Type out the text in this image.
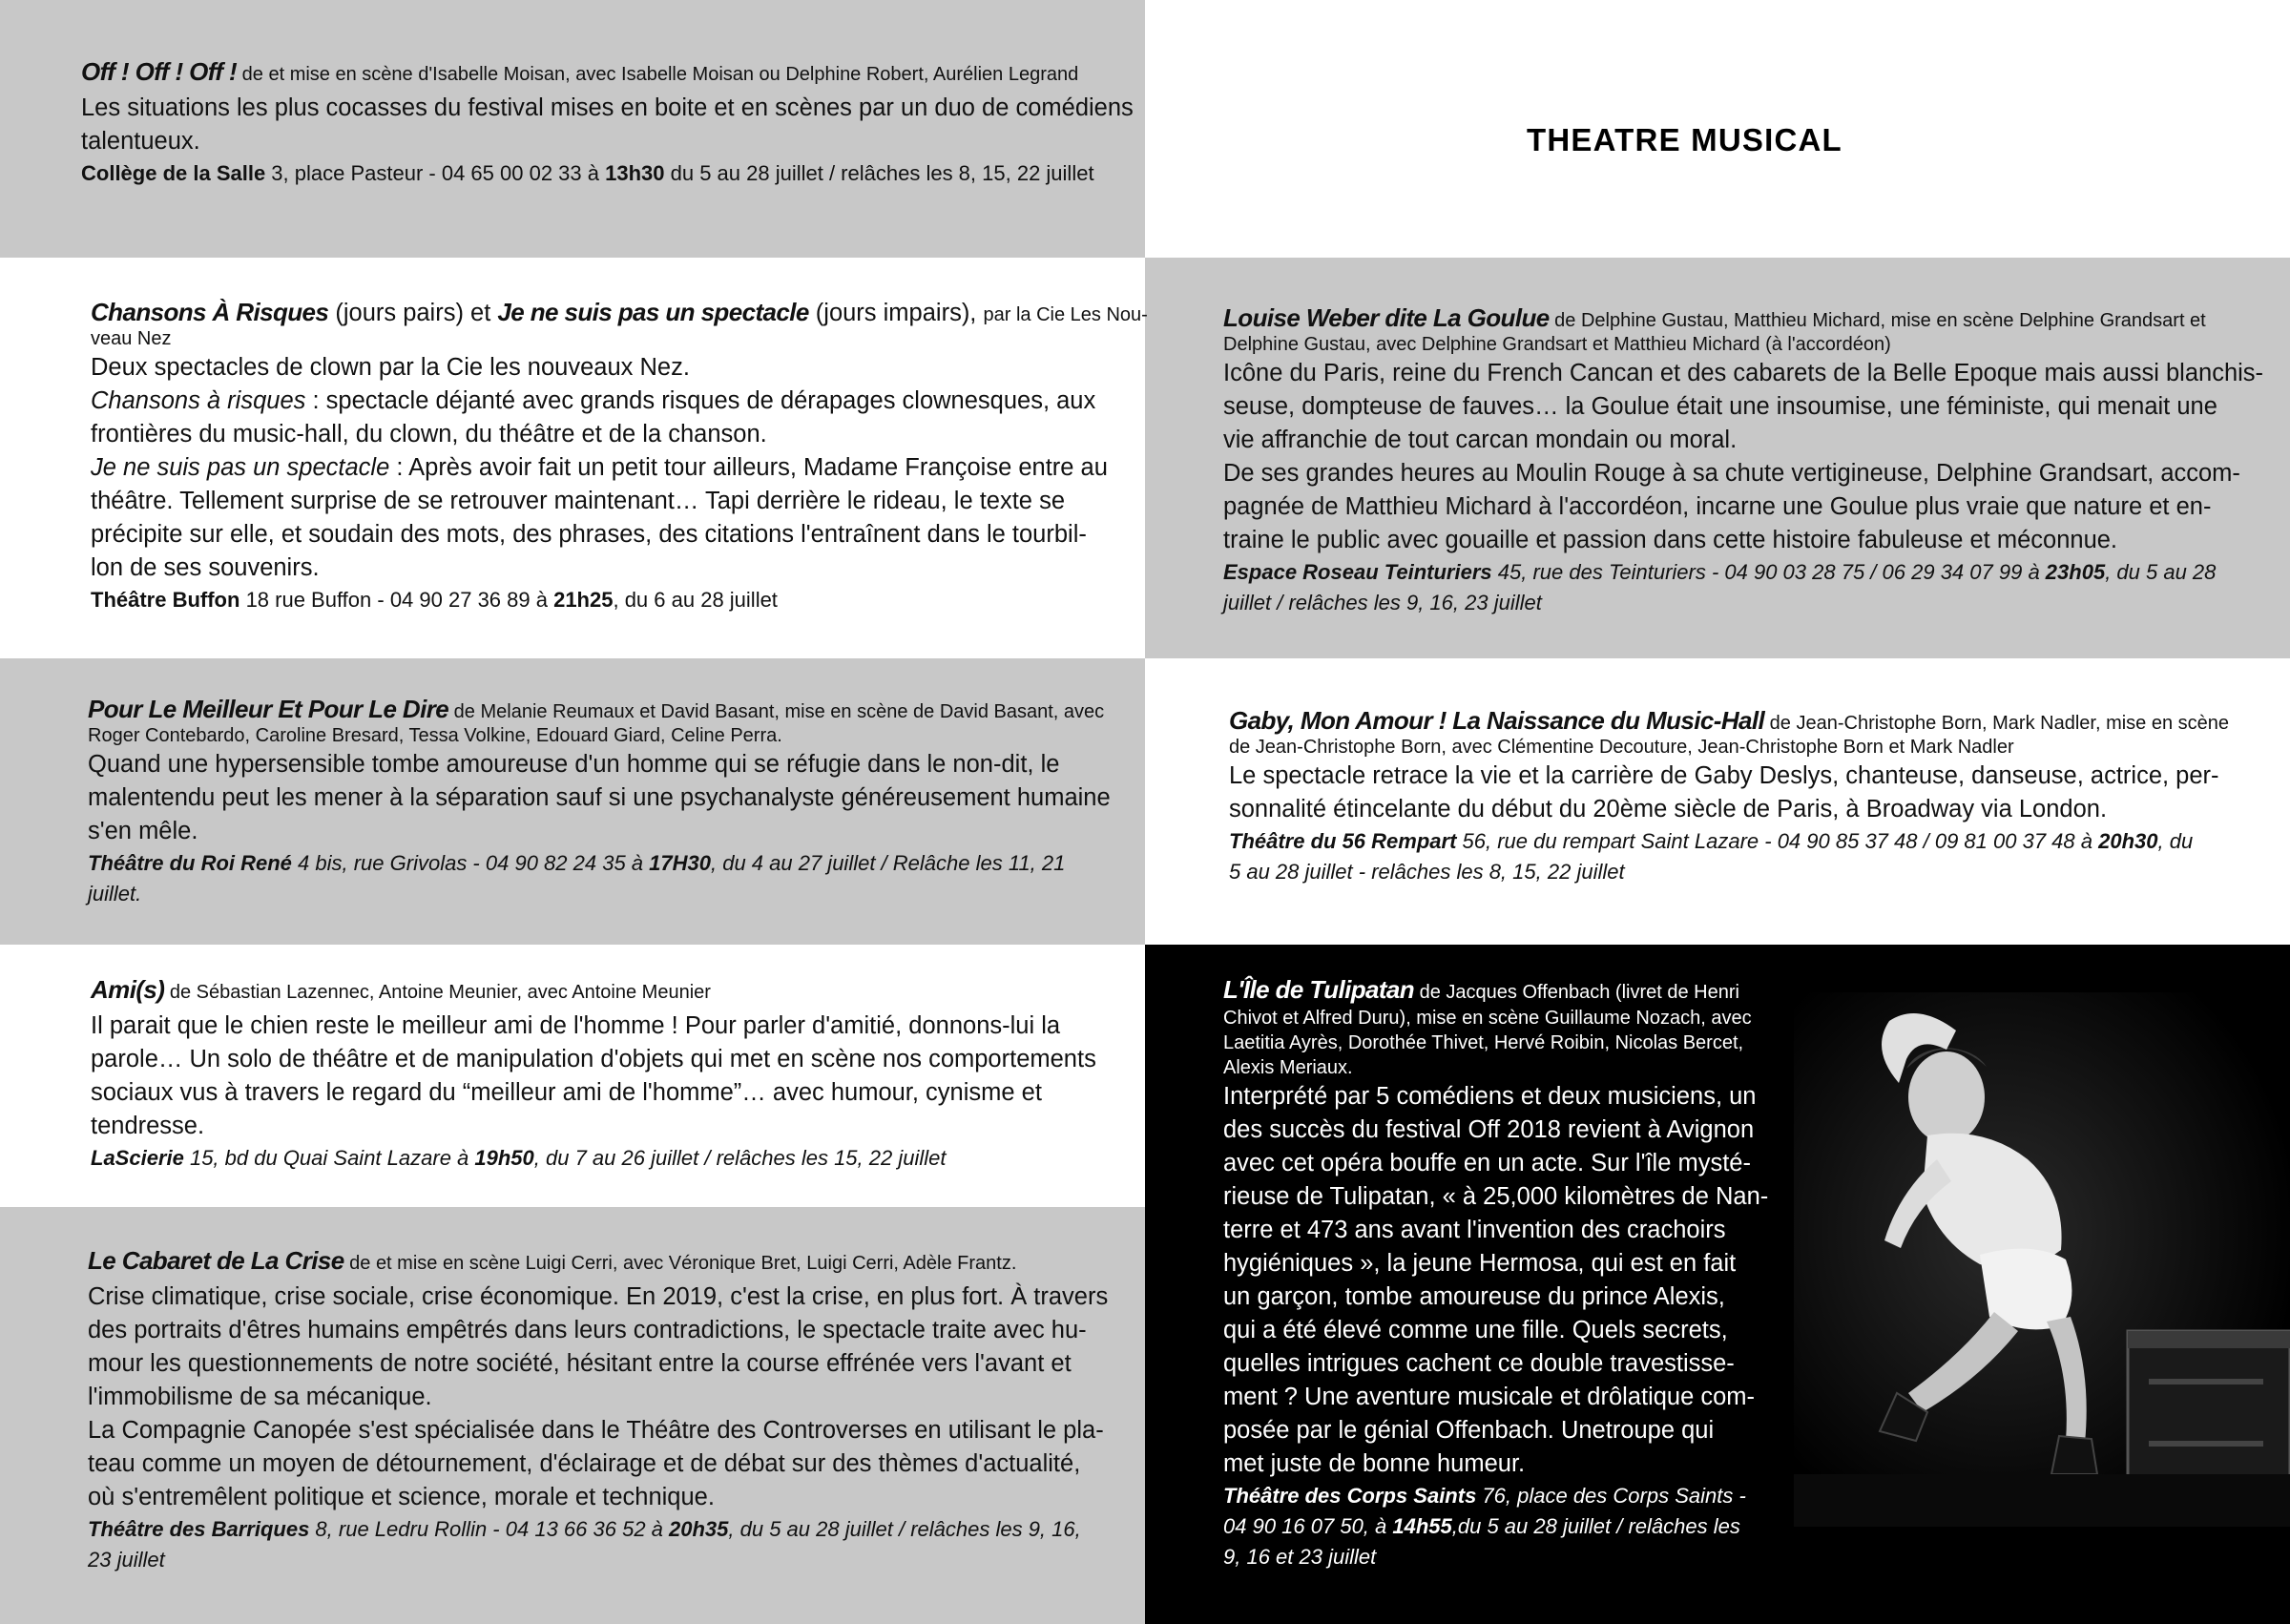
THEATRE MUSICAL
Off ! Off ! Off ! de et mise en scène d'Isabelle Moisan, avec Isabelle Moisan ou Delphine Robert, Aurélien Legrand
Les situations les plus cocasses du festival mises en boite et en scènes par un duo de comédiens
talentueux.
Collège de la Salle 3, place Pasteur - 04 65 00 02 33 à 13h30 du 5 au 28 juillet / relâches les 8, 15, 22 juillet
Chansons À Risques (jours pairs) et Je ne suis pas un spectacle (jours impairs), par la Cie Les Nou-
veau Nez
Deux spectacles de clown par la Cie les nouveaux Nez.
Chansons à risques : spectacle déjanté avec grands risques de dérapages clownesques, aux
frontières du music-hall, du clown, du théâtre et de la chanson.
Je ne suis pas un spectacle : Après avoir fait un petit tour ailleurs, Madame Françoise entre au
théâtre. Tellement surprise de se retrouver maintenant… Tapi derrière le rideau, le texte se
précipite sur elle, et soudain des mots, des phrases, des citations l'entraînent dans le tourbil-
lon de ses souvenirs.
Théâtre Buffon 18 rue Buffon - 04 90 27 36 89 à 21h25, du 6 au 28 juillet
Pour Le Meilleur Et Pour Le Dire de Melanie Reumaux et David Basant, mise en scène de David Basant, avec
Roger Contebardo, Caroline Bresard, Tessa Volkine, Edouard Giard, Celine Perra.
Quand une hypersensible tombe amoureuse d'un homme qui se réfugie dans le non-dit, le
malentendu peut les mener à la séparation sauf si une psychanalyste généreusement humaine
s'en mêle.
Théâtre du Roi René 4 bis, rue Grivolas - 04 90 82 24 35 à 17H30, du 4 au 27 juillet / Relâche les 11, 21
juillet.
Ami(s) de Sébastian Lazennec, Antoine Meunier, avec Antoine Meunier
Il parait que le chien reste le meilleur ami de l'homme ! Pour parler d'amitié, donnons-lui la
parole… Un solo de théâtre et de manipulation d'objets qui met en scène nos comportements
sociaux vus à travers le regard du “meilleur ami de l'homme”… avec humour, cynisme et
tendresse.
LaScierie 15, bd du Quai Saint Lazare à 19h50, du 7 au 26 juillet / relâches les 15, 22 juillet
Le Cabaret de La Crise de et mise en scène Luigi Cerri, avec Véronique Bret, Luigi Cerri, Adèle Frantz.
Crise climatique, crise sociale, crise économique. En 2019, c'est la crise, en plus fort. À travers
des portraits d'êtres humains empêtrés dans leurs contradictions, le spectacle traite avec hu-
mour les questionnements de notre société, hésitant entre la course effrénée vers l'avant et
l'immobilisme de sa mécanique.
La Compagnie Canopée s'est spécialisée dans le Théâtre des Controverses en utilisant le pla-
teau comme un moyen de détournement, d'éclairage et de débat sur des thèmes d'actualité,
où s'entremêlent politique et science, morale et technique.
Théâtre des Barriques 8, rue Ledru Rollin - 04 13 66 36 52 à 20h35, du 5 au 28 juillet / relâches les 9, 16,
23 juillet
Louise Weber dite La Goulue de Delphine Gustau, Matthieu Michard, mise en scène Delphine Grandsart et
Delphine Gustau, avec Delphine Grandsart et Matthieu Michard (à l'accordéon)
Icône du Paris, reine du French Cancan et des cabarets de la Belle Epoque mais aussi blanchis-
seuse, dompteuse de fauves… la Goulue était une insoumise, une féministe, qui menait une
vie affranchie de tout carcan mondain ou moral.
De ses grandes heures au Moulin Rouge à sa chute vertigineuse, Delphine Grandsart, accom-
pagnée de Matthieu Michard à l'accordéon, incarne une Goulue plus vraie que nature et en-
traine le public avec gouaille et passion dans cette histoire fabuleuse et méconnue.
Espace Roseau Teinturiers 45, rue des Teinturiers - 04 90 03 28 75 / 06 29 34 07 99 à 23h05, du 5 au 28
juillet / relâches les 9, 16, 23 juillet
Gaby, Mon Amour ! La Naissance du Music-Hall de Jean-Christophe Born, Mark Nadler, mise en scène
de Jean-Christophe Born, avec Clémentine Decouture, Jean-Christophe Born et Mark Nadler
Le spectacle retrace la vie et la carrière de Gaby Deslys, chanteuse, danseuse, actrice, per-
sonnalité étincelante du début du 20ème siècle de Paris, à Broadway via London.
Théâtre du 56 Rempart 56, rue du rempart Saint Lazare - 04 90 85 37 48 / 09 81 00 37 48 à 20h30, du
5 au 28 juillet - relâches les 8, 15, 22 juillet
L'Île de Tulipatan de Jacques Offenbach (livret de Henri
Chivot et Alfred Duru), mise en scène Guillaume Nozach, avec
Laetitia Ayrès, Dorothée Thivet, Hervé Roibin, Nicolas Bercet,
Alexis Meriaux.
Interprété par 5 comédiens et deux musiciens, un
des succès du festival Off 2018 revient à Avignon
avec cet opéra bouffe en un acte. Sur l'île mysté-
rieuse de Tulipatan, « à 25,000 kilomètres de Nan-
terre et 473 ans avant l'invention des crachoirs
hygiéniques », la jeune Hermosa, qui est en fait
un garçon, tombe amoureuse du prince Alexis,
qui a été élevé comme une fille. Quels secrets,
quelles intrigues cachent ce double travestisse-
ment ? Une aventure musicale et drôlatique com-
posée par le génial Offenbach. Unetroupe qui
met juste de bonne humeur.
Théâtre des Corps Saints 76, place des Corps Saints -
04 90 16 07 50, à 14h55,du 5 au 28 juillet / relâches les
9, 16 et 23 juillet
